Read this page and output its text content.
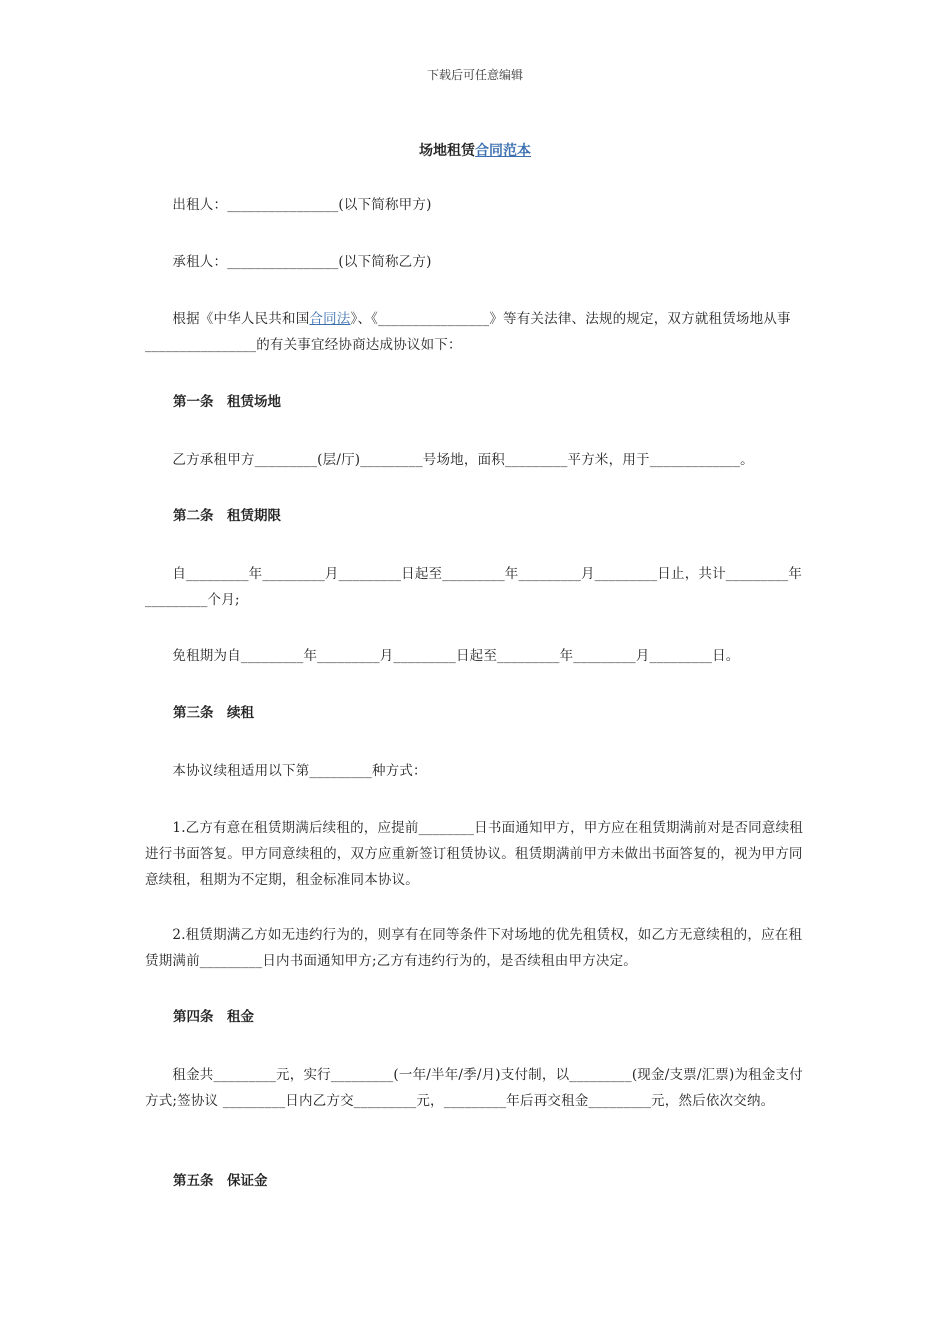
下载后可任意编辑
场地租赁合同范本
　　出租人：________________(以下简称甲方)
　　承租人：________________(以下简称乙方)
　　根据《中华人民共和国合同法》、《________________》等有关法律、法规的规定，双方就租赁场地从事________________的有关事宜经协商达成协议如下：
第一条　租赁场地
　　乙方承租甲方_________(层/厅)_________号场地，面积_________平方米，用于_____________。
第二条　租赁期限
　　自_________年_________月_________日起至_________年_________月_________日止，共计_________年_________个月;
　　免租期为自_________年_________月_________日起至_________年_________月_________日。
第三条　续租
　　本协议续租适用以下第_________种方式：
　　1.乙方有意在租赁期满后续租的，应提前________日书面通知甲方，甲方应在租赁期满前对是否同意续租进行书面答复。甲方同意续租的，双方应重新签订租赁协议。租赁期满前甲方未做出书面答复的，视为甲方同意续租，租期为不定期，租金标准同本协议。
　　2.租赁期满乙方如无违约行为的，则享有在同等条件下对场地的优先租赁权，如乙方无意续租的，应在租赁期满前_________日内书面通知甲方;乙方有违约行为的，是否续租由甲方决定。
第四条　租金
　　租金共_________元，实行_________(一年/半年/季/月)支付制，以_________(现金/支票/汇票)为租金支付方式;签协议 _________日内乙方交_________元，_________年后再交租金_________元，然后依次交纳。
第五条　保证金
